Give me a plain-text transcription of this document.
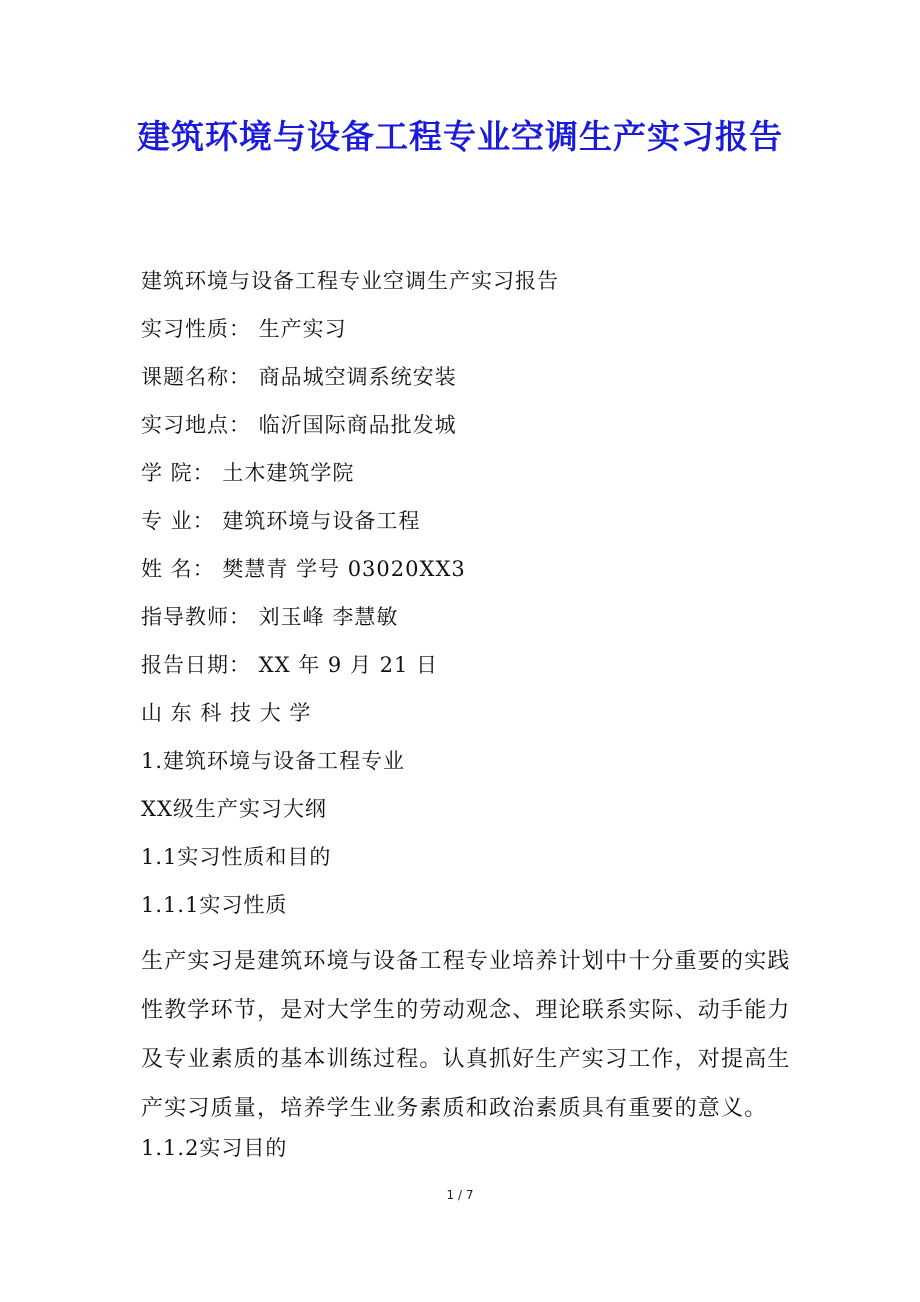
建筑环境与设备工程专业空调生产实习报告

建筑环境与设备工程专业空调生产实习报告

实习性质： 生产实习

课题名称： 商品城空调系统安装

实习地点： 临沂国际商品批发城

学 院： 土木建筑学院

专 业： 建筑环境与设备工程

姓 名： 樊慧青 学号 03020XX3

指导教师： 刘玉峰 李慧敏

报告日期： XX 年 9 月 21 日

山 东 科 技 大 学

1.建筑环境与设备工程专业

XX级生产实习大纲

1.1实习性质和目的

1.1.1实习性质

生产实习是建筑环境与设备工程专业培养计划中十分重要的实践性教学环节，是对大学生的劳动观念、理论联系实际、动手能力及专业素质的基本训练过程。认真抓好生产实习工作，对提高生产实习质量，培养学生业务素质和政治素质具有重要的意义。

1.1.2实习目的

1 / 7
